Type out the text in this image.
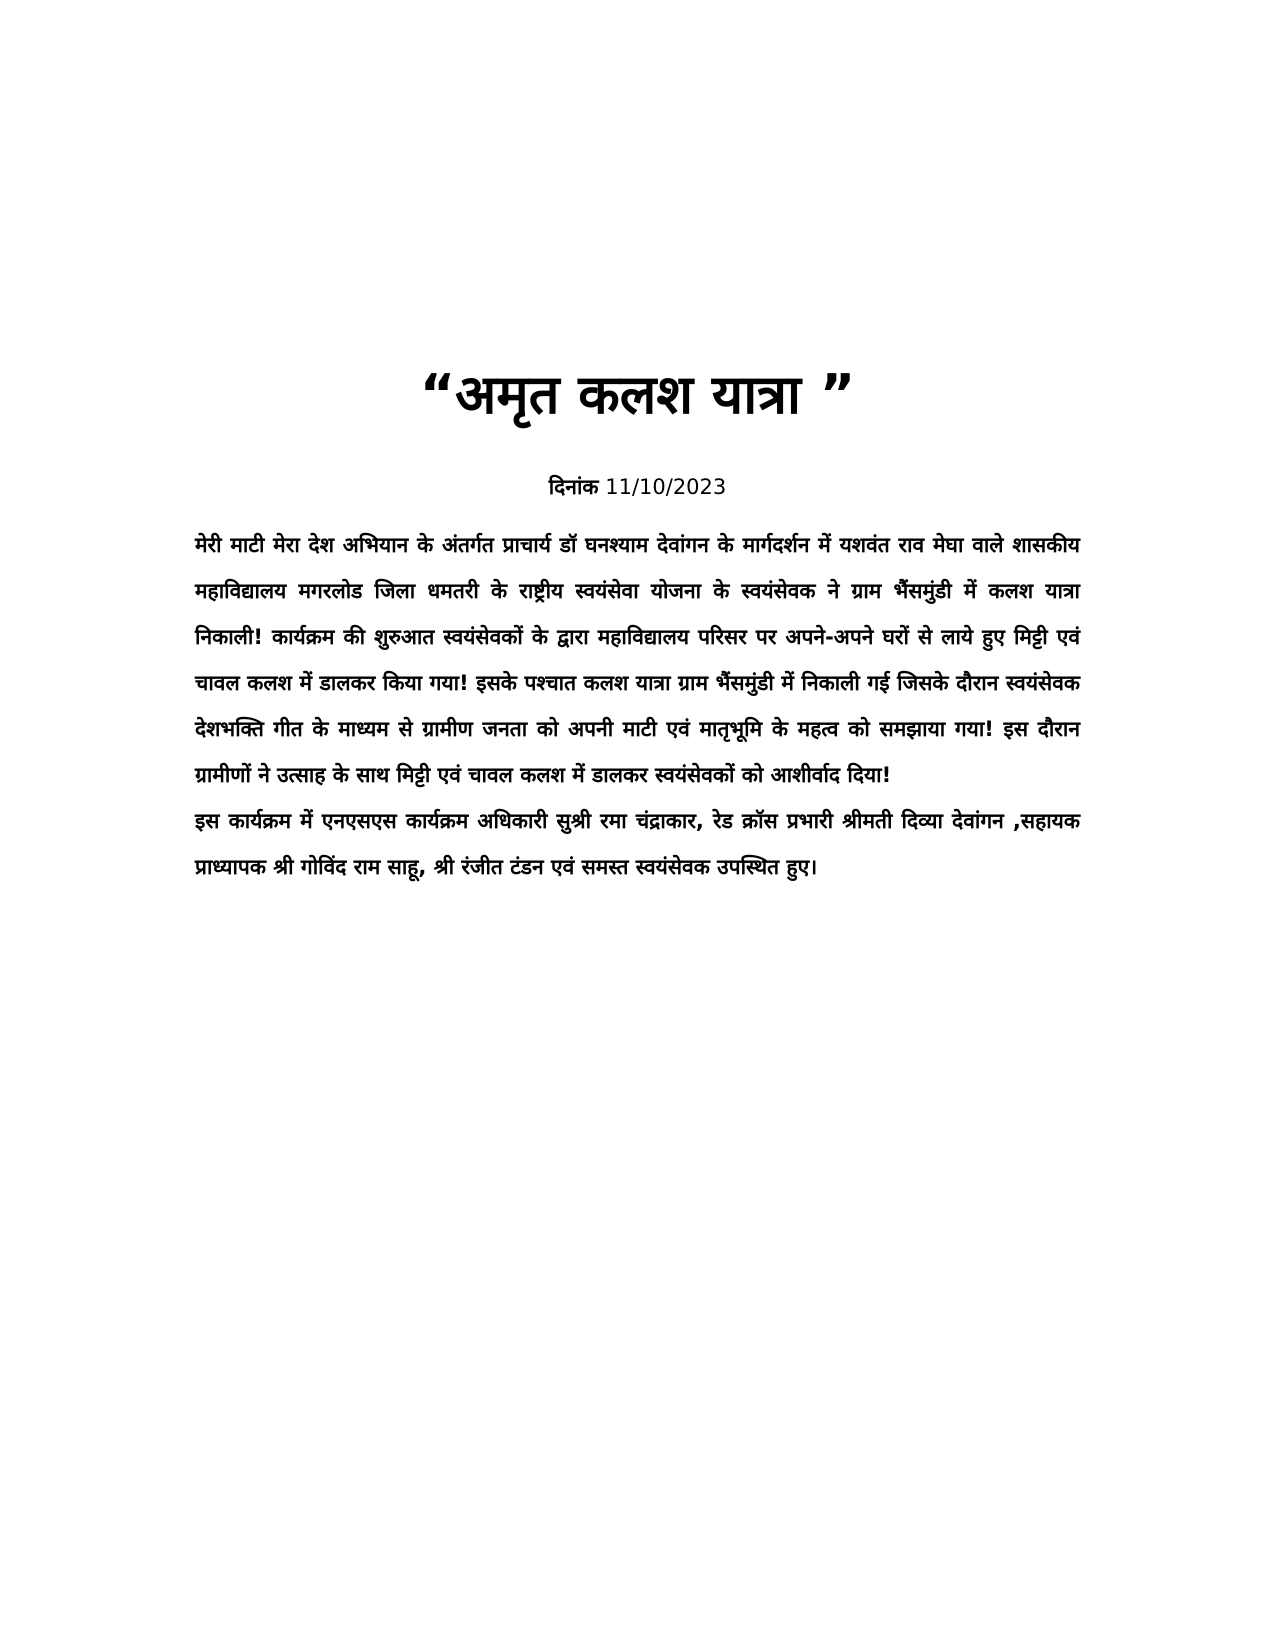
“अमृत कलश यात्रा ”
दिनांक 11/10/2023

मेरी माटी मेरा देश अभियान के अंतर्गत प्राचार्य डॉ घनश्याम देवांगन के मार्गदर्शन में यशवंत राव मेघा वाले शासकीय महाविद्यालय मगरलोड जिला धमतरी के राष्ट्रीय स्वयंसेवा योजना के स्वयंसेवक ने ग्राम भैंसमुंडी में कलश यात्रा निकाली! कार्यक्रम की शुरुआत स्वयंसेवकों के द्वारा महाविद्यालय परिसर पर अपने-अपने घरों से लाये हुए मिट्टी एवं चावल कलश में डालकर किया गया! इसके पश्चात कलश यात्रा ग्राम भैंसमुंडी में निकाली गई जिसके दौरान स्वयंसेवक देशभक्ति गीत के माध्यम से ग्रामीण जनता को अपनी माटी एवं मातृभूमि के महत्व को समझाया गया! इस दौरान ग्रामीणों ने उत्साह के साथ मिट्टी एवं चावल कलश में डालकर स्वयंसेवकों को आशीर्वाद दिया!

इस कार्यक्रम में एनएसएस कार्यक्रम अधिकारी सुश्री रमा चंद्राकार, रेड क्रॉस प्रभारी श्रीमती दिव्या देवांगन ,सहायक प्राध्यापक श्री गोविंद राम साहू, श्री रंजीत टंडन एवं समस्त स्वयंसेवक उपस्थित हुए।
